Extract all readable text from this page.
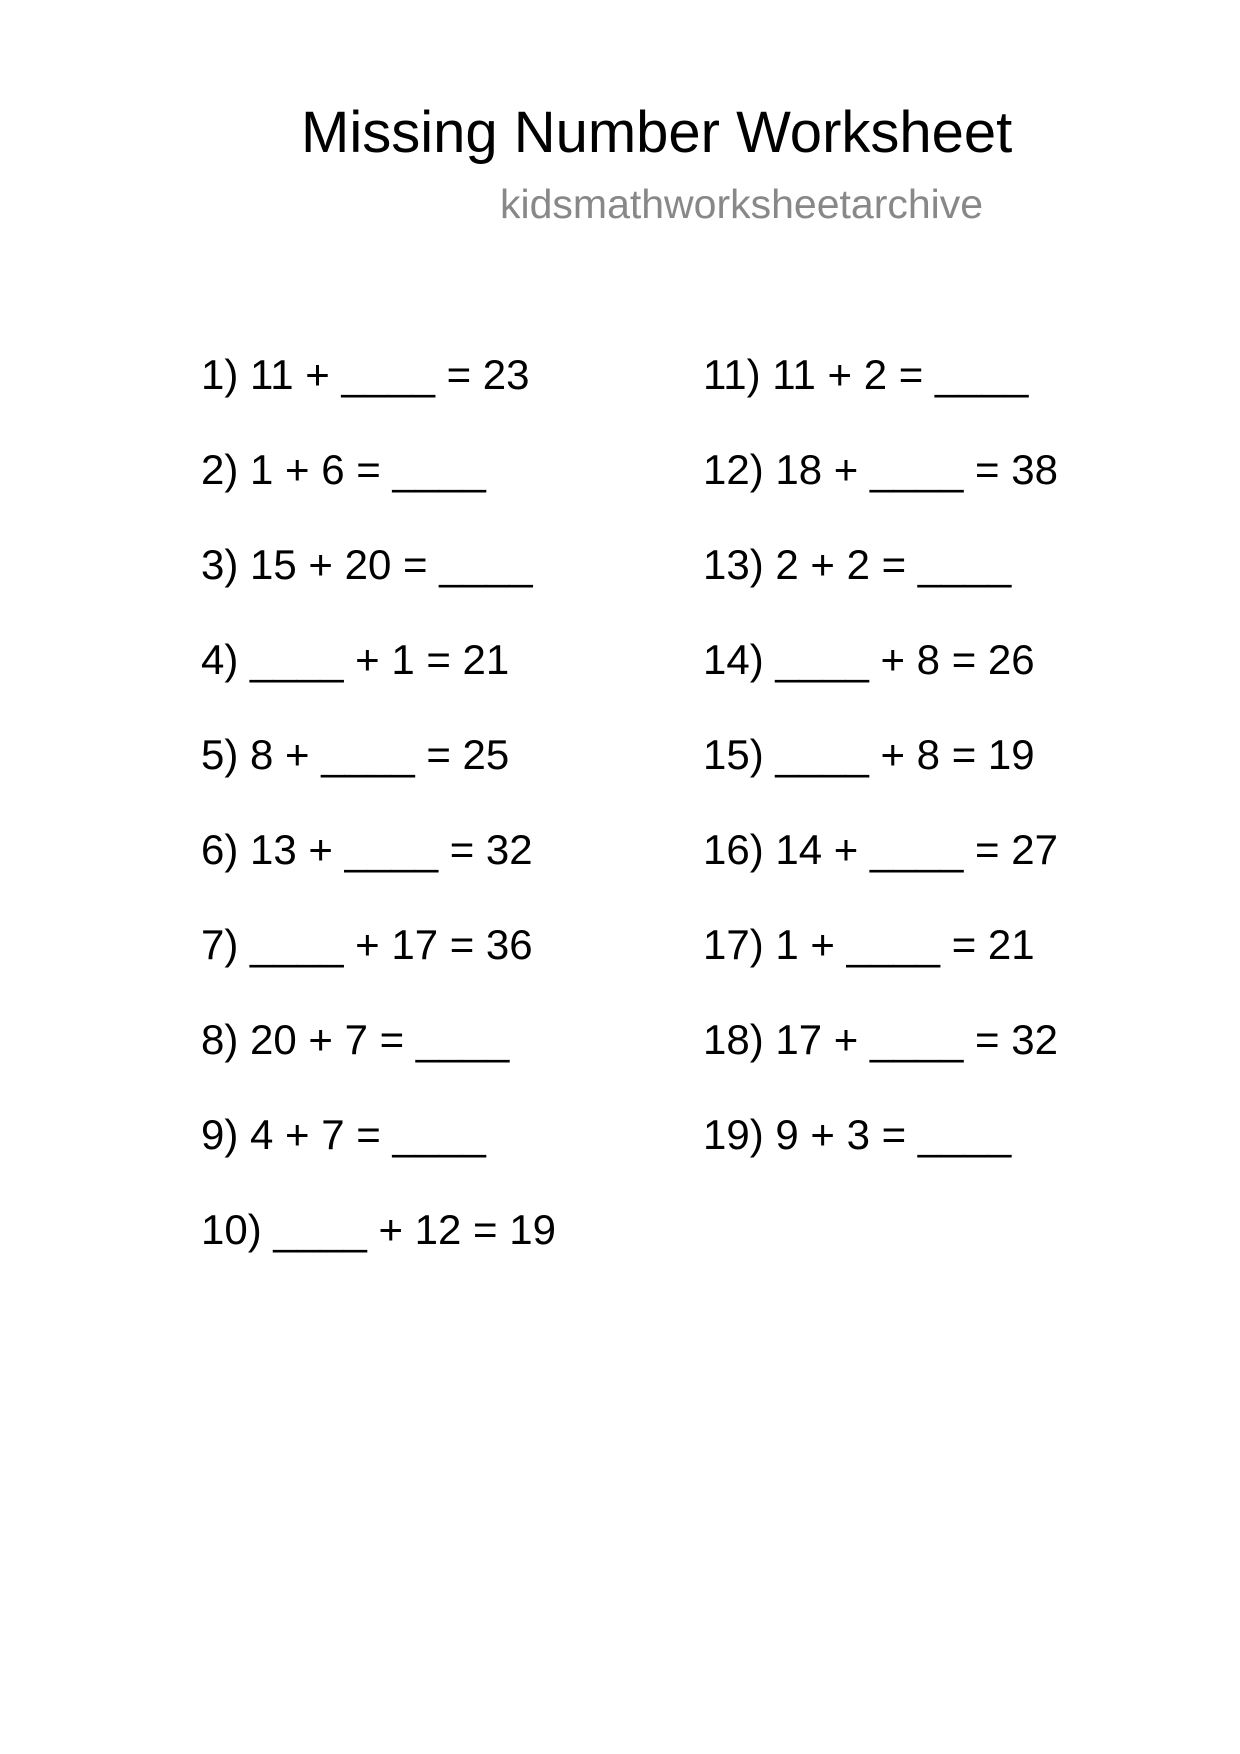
Missing Number Worksheet
kidsmathworksheetarchive
1) 11 + ____ = 23
2) 1 + 6 = ____
3) 15 + 20 = ____
4) ____ + 1 = 21
5) 8 + ____ = 25
6) 13 + ____ = 32
7) ____ + 17 = 36
8) 20 + 7 = ____
9) 4 + 7 = ____
10) ____ + 12 = 19
11) 11 + 2 = ____
12) 18 + ____ = 38
13) 2 + 2 = ____
14) ____ + 8 = 26
15) ____ + 8 = 19
16) 14 + ____ = 27
17) 1 + ____ = 21
18) 17 + ____ = 32
19) 9 + 3 = ____
